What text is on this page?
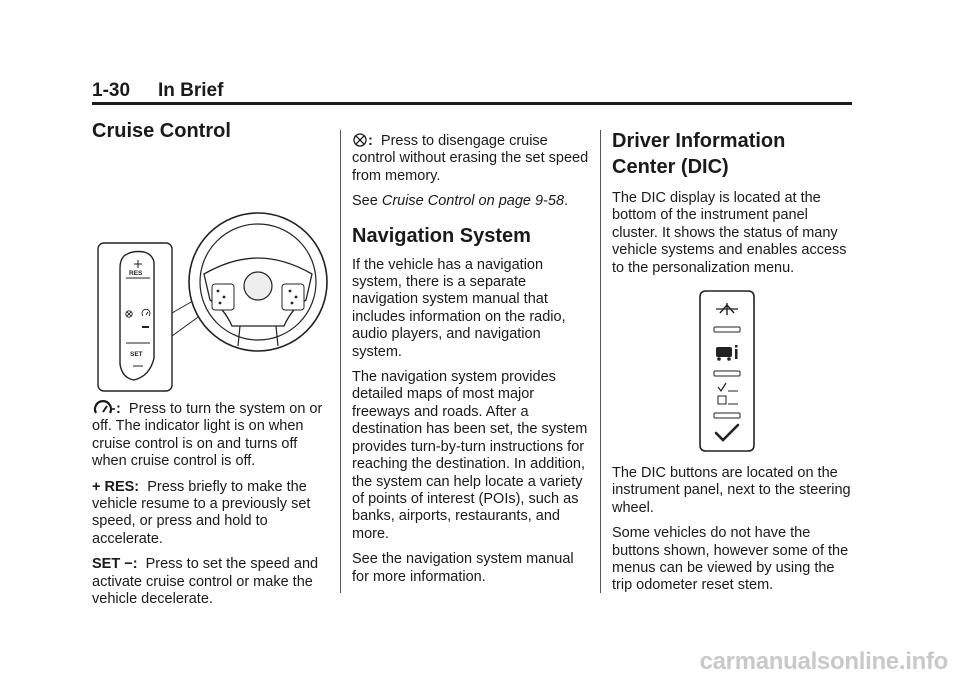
1-30 In Brief
Cruise Control
RES
SET

: Press to turn the system on or off. The indicator light is on when cruise control is on and turns off when cruise control is off.

+ RES: Press briefly to make the vehicle resume to a previously set speed, or press and hold to accelerate.

SET −: Press to set the speed and activate cruise control or make the vehicle decelerate.

: Press to disengage cruise control without erasing the set speed from memory.

See Cruise Control on page 9‑58.

Navigation System

If the vehicle has a navigation system, there is a separate navigation system manual that includes information on the radio, audio players, and navigation system.

The navigation system provides detailed maps of most major freeways and roads. After a destination has been set, the system provides turn-by-turn instructions for reaching the destination. In addition, the system can help locate a variety of points of interest (POIs), such as banks, airports, restaurants, and more.

See the navigation system manual for more information.

Driver Information
Center (DIC)

The DIC display is located at the bottom of the instrument panel cluster. It shows the status of many vehicle systems and enables access to the personalization menu.

The DIC buttons are located on the instrument panel, next to the steering wheel.

Some vehicles do not have the buttons shown, however some of the menus can be viewed by using the trip odometer reset stem.

carmanualsonline.info
